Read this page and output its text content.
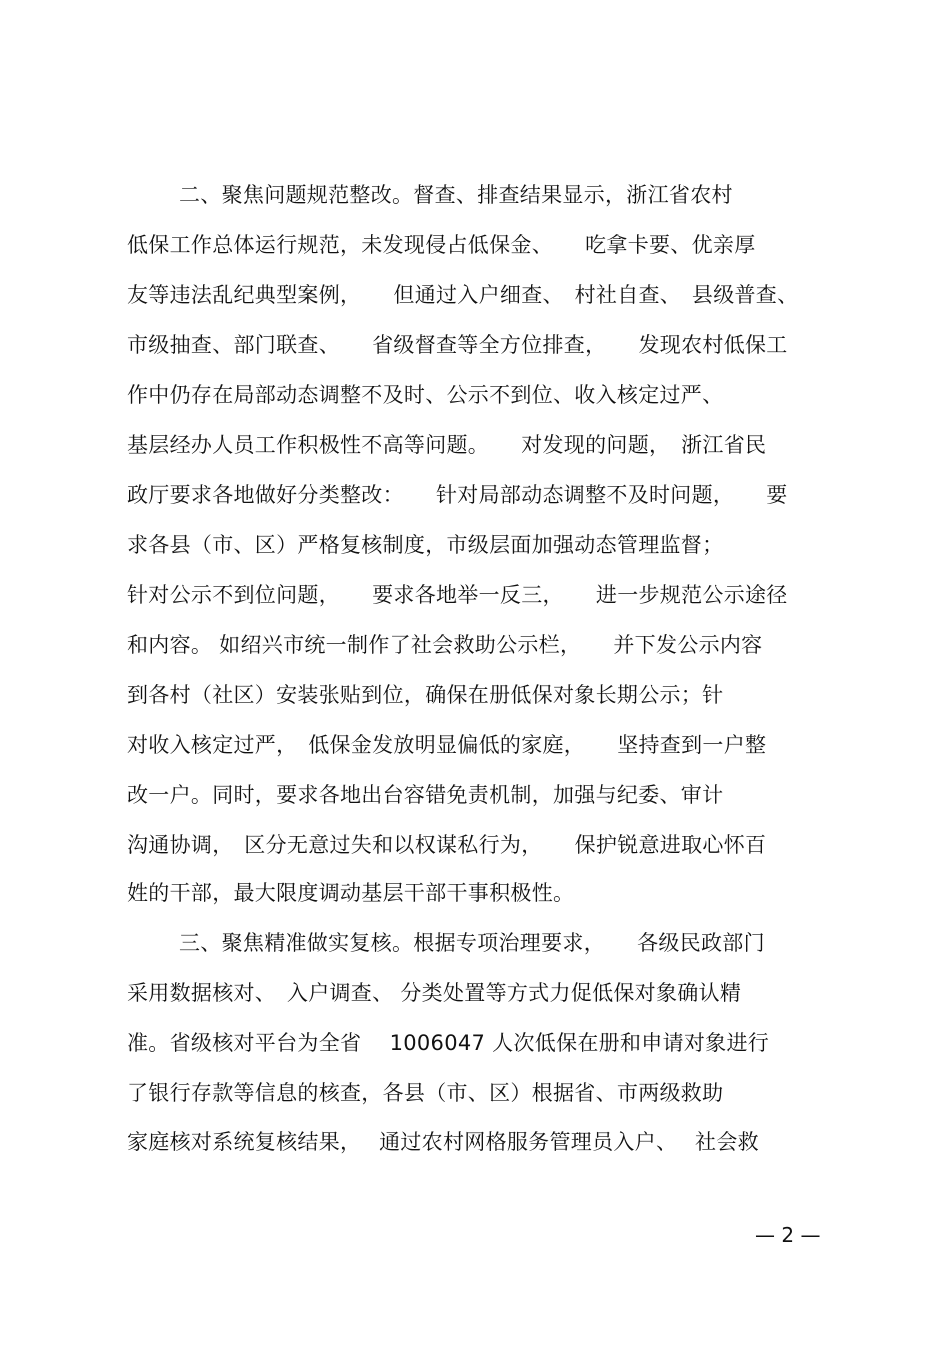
二、聚焦问题规范整改。督查、排查结果显示，浙江省农村
低保工作总体运行规范，未发现侵占低保金、　　吃拿卡要、优亲厚
友等违法乱纪典型案例，　　但通过入户细查、　村社自查、　县级普查、
市级抽查、部门联查、　　省级督查等全方位排查，　　发现农村低保工
作中仍存在局部动态调整不及时、公示不到位、收入核定过严、
基层经办人员工作积极性不高等问题。　　对发现的问题，　浙江省民
政厅要求各地做好分类整改：　　针对局部动态调整不及时问题，　　要
求各县（市、区）严格复核制度，市级层面加强动态管理监督；
针对公示不到位问题，　　要求各地举一反三，　　进一步规范公示途径
和内容。 如绍兴市统一制作了社会救助公示栏，　　并下发公示内容
到各村（社区）安装张贴到位，确保在册低保对象长期公示；针
对收入核定过严，　低保金发放明显偏低的家庭，　　坚持查到一户整
改一户。同时，要求各地出台容错免责机制，加强与纪委、审计
沟通协调，　区分无意过失和以权谋私行为，　　保护锐意进取心怀百
姓的干部，最大限度调动基层干部干事积极性。
三、聚焦精准做实复核。根据专项治理要求，　　各级民政部门
采用数据核对、　入户调查、 分类处置等方式力促低保对象确认精
准。省级核对平台为全省　 1006047 人次低保在册和申请对象进行
了银行存款等信息的核查，各县（市、区）根据省、市两级救助
家庭核对系统复核结果，　 通过农村网格服务管理员入户、　 社会救
— 2 —
